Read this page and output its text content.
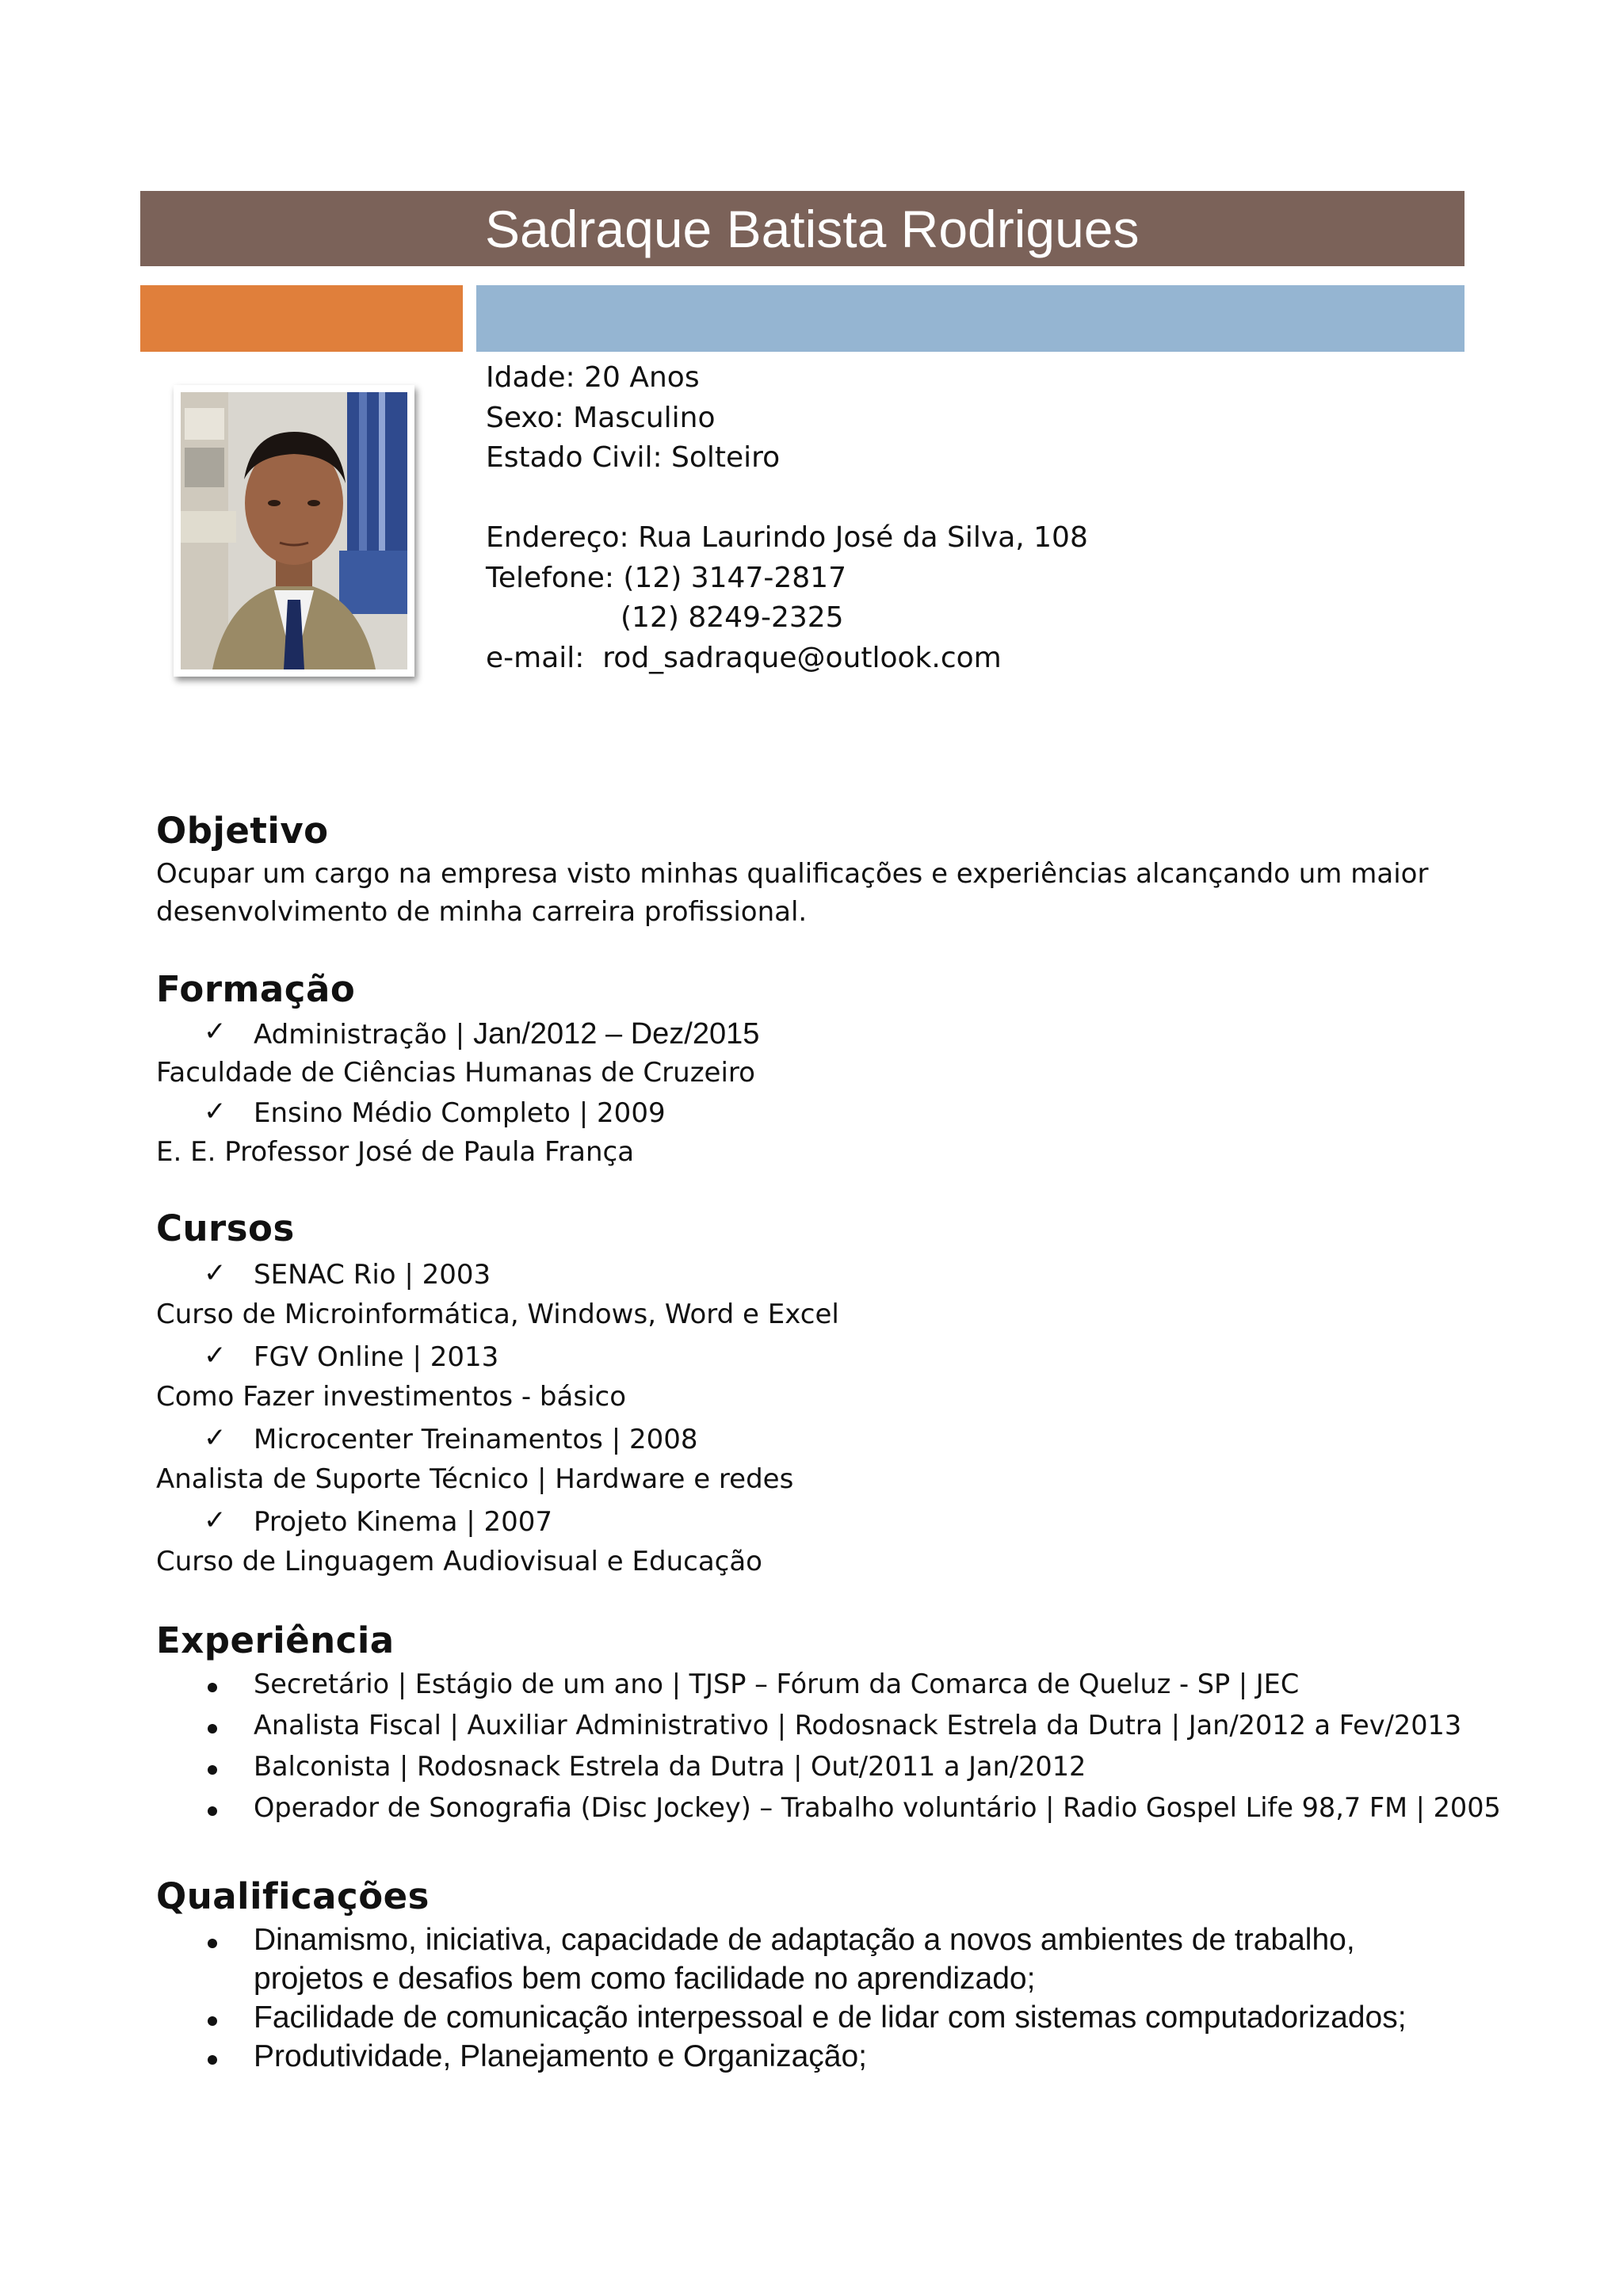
Sadraque Batista Rodrigues
Idade: 20 Anos
Sexo: Masculino
Estado Civil: Solteiro
Endereço: Rua Laurindo José da Silva, 108
Telefone: (12) 3147-2817
(12) 8249-2325
e-mail:  rod_sadraque@outlook.com
Objetivo
Ocupar um cargo na empresa visto minhas qualificações e experiências alcançando um maior
desenvolvimento de minha carreira profissional.
Formação
✓ Administração | Jan/2012 – Dez/2015
Faculdade de Ciências Humanas de Cruzeiro
✓ Ensino Médio Completo | 2009
E. E. Professor José de Paula França
Cursos
✓ SENAC Rio | 2003
Curso de Microinformática, Windows, Word e Excel
✓ FGV Online | 2013
Como Fazer investimentos - básico
✓ Microcenter Treinamentos | 2008
Analista de Suporte Técnico | Hardware e redes
✓ Projeto Kinema | 2007
Curso de Linguagem Audiovisual e Educação
Experiência
Secretário | Estágio de um ano | TJSP – Fórum da Comarca de Queluz - SP | JEC
Analista Fiscal | Auxiliar Administrativo | Rodosnack Estrela da Dutra | Jan/2012 a Fev/2013
Balconista | Rodosnack Estrela da Dutra | Out/2011 a Jan/2012
Operador de Sonografia (Disc Jockey) – Trabalho voluntário | Radio Gospel Life 98,7 FM | 2005
Qualificações
Dinamismo, iniciativa, capacidade de adaptação a novos ambientes de trabalho,
projetos e desafios bem como facilidade no aprendizado;
Facilidade de comunicação interpessoal e de lidar com sistemas computadorizados;
Produtividade, Planejamento e Organização;
